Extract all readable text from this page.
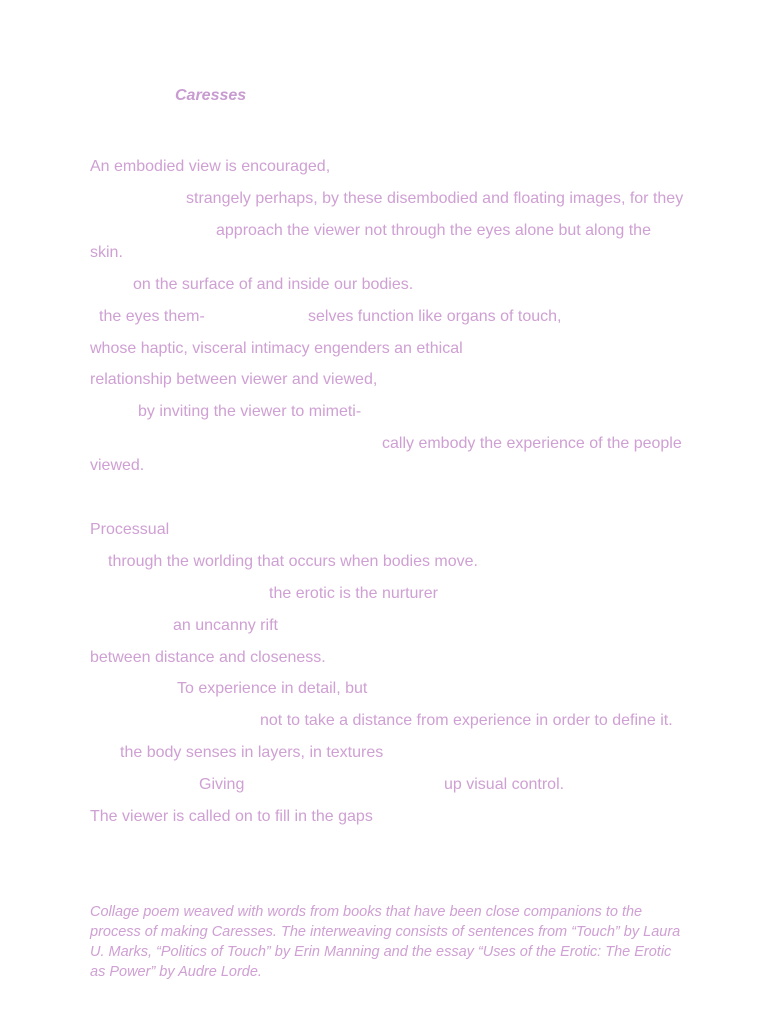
Caresses
An embodied view is encouraged,
strangely perhaps, by these disembodied and floating images, for they
approach the viewer not through the eyes alone but along the
skin.
on the surface of and inside our bodies.
the eyes them-	selves function like organs of touch,
whose haptic, visceral intimacy engenders an ethical
relationship between viewer and viewed,
by inviting the viewer to mimeti-
cally embody the experience of the people
viewed.
Processual
through the worlding that occurs when bodies move.
the erotic is the nurturer
an uncanny rift
between distance and closeness.
To experience in detail, but
not to take a distance from experience in order to define it.
the body senses in layers, in textures
Giving	up visual control.
The viewer is called on to fill in the gaps
Collage poem weaved with words from books that have been close companions to the process of making Caresses. The interweaving consists of sentences from “Touch” by Laura U. Marks, “Politics of Touch” by Erin Manning and the essay “Uses of the Erotic: The Erotic as Power” by Audre Lorde.
